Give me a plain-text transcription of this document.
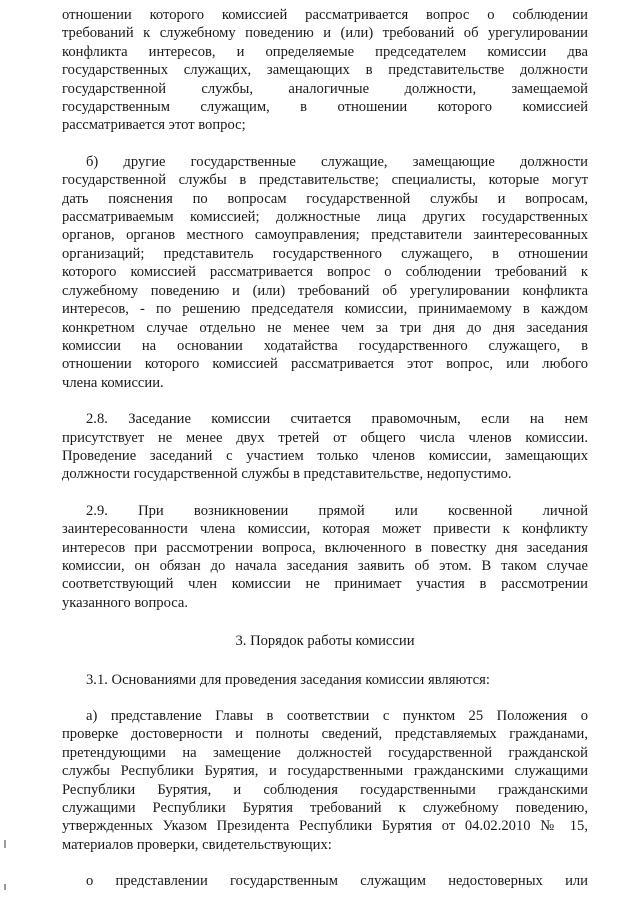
отношении которого комиссией рассматривается вопрос о соблюдении

требований к служебному поведению и (или) требований об урегулировании

конфликта интересов, и определяемые председателем комиссии два

государственных служащих, замещающих в представительстве должности

государственной службы, аналогичные должности, замещаемой

государственным служащим, в отношении которого комиссией

рассматривается этот вопрос;

б) другие государственные служащие, замещающие должности

государственной службы в представительстве; специалисты, которые могут

дать пояснения по вопросам государственной службы и вопросам,

рассматриваемым комиссией; должностные лица других государственных

органов, органов местного самоуправления; представители заинтересованных

организаций; представитель государственного служащего, в отношении

которого комиссией рассматривается вопрос о соблюдении требований к

служебному поведению и (или) требований об урегулировании конфликта

интересов, - по решению председателя комиссии, принимаемому в каждом

конкретном случае отдельно не менее чем за три дня до дня заседания

комиссии на основании ходатайства государственного служащего, в

отношении которого комиссией рассматривается этот вопрос, или любого

члена комиссии.

2.8. Заседание комиссии считается правомочным, если на нем

присутствует не менее двух третей от общего числа членов комиссии.

Проведение заседаний с участием только членов комиссии, замещающих

должности государственной службы в представительстве, недопустимо.

2.9. При возникновении прямой или косвенной личной

заинтересованности члена комиссии, которая может привести к конфликту

интересов при рассмотрении вопроса, включенного в повестку дня заседания

комиссии, он обязан до начала заседания заявить об этом. В таком случае

соответствующий член комиссии не принимает участия в рассмотрении

указанного вопроса.

3. Порядок работы комиссии

3.1. Основаниями для проведения заседания комиссии являются:

а) представление Главы в соответствии с пунктом 25 Положения о

проверке достоверности и полноты сведений, представляемых гражданами,

претендующими на замещение должностей государственной гражданской

службы Республики Бурятия, и государственными гражданскими служащими

Республики Бурятия, и соблюдения государственными гражданскими

служащими Республики Бурятия требований к служебному поведению,

утвержденных Указом Президента Республики Бурятия от 04.02.2010 № 15,

материалов проверки, свидетельствующих:

о представлении государственным служащим недостоверных или
